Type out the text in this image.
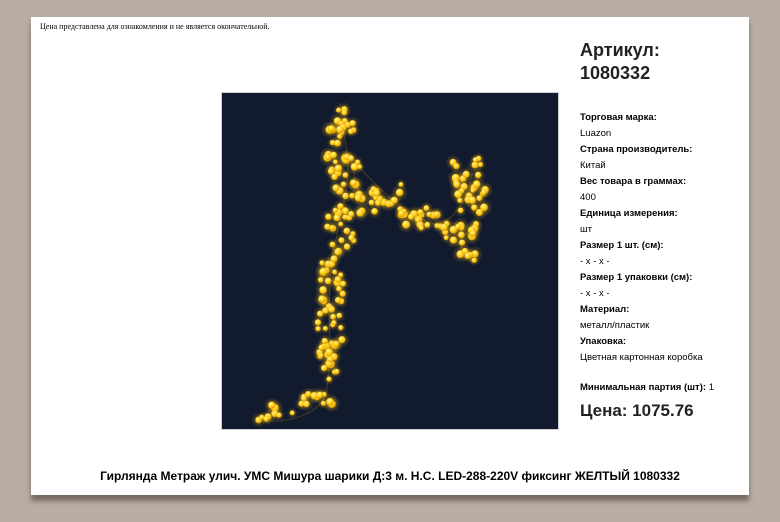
Цена представлена для ознакомления и не является окончательной.
Артикул:
1080332
Торговая марка:
Luazon
Страна производитель:
Китай
Вес товара в граммах:
400
Единица измерения:
шт
Размер 1 шт. (см):
- x - x -
Размер 1 упаковки (см):
- x - x -
Материал:
металл/пластик
Упаковка:
Цветная картонная коробка
Минимальная партия (шт): 1
Цена: 1075.76
Гирлянда Метраж улич. УМС Мишура шарики Д:3 м. Н.С. LED-288-220V фиксинг ЖЕЛТЫЙ 1080332
